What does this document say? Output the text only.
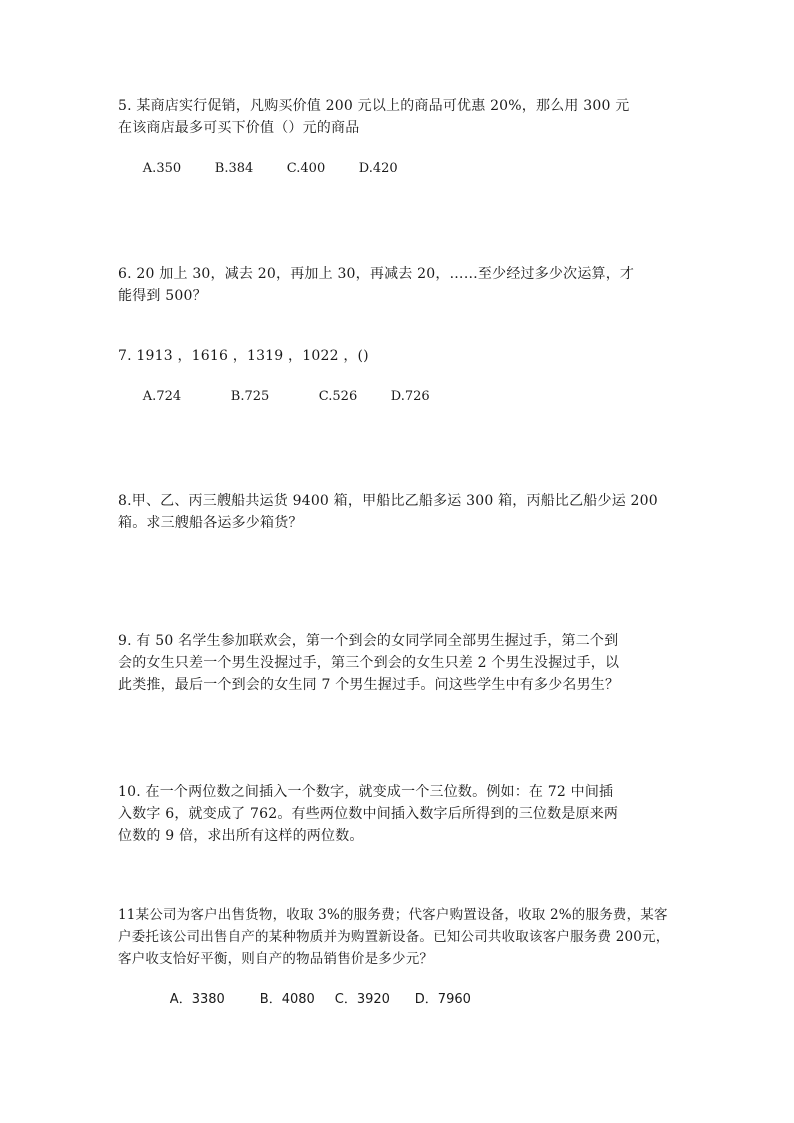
5. 某商店实行促销，凡购买价值 200 元以上的商品可优惠 20%，那么用 300 元
在该商店最多可买下价值（）元的商品

A.350	B.384	C.400	D.420

6. 20 加上 30，减去 20，再加上 30，再减去 20，……至少经过多少次运算，才
能得到 500？
7. 1913 ，1616 ，1319 ，1022 ，()

A.724	B.725	C.526	D.726

8.甲、乙、丙三艘船共运货 9400 箱，甲船比乙船多运 300 箱，丙船比乙船少运 200
箱。求三艘船各运多少箱货？
9. 有 50 名学生参加联欢会，第一个到会的女同学同全部男生握过手，第二个到
会的女生只差一个男生没握过手，第三个到会的女生只差 2 个男生没握过手，以
此类推，最后一个到会的女生同 7 个男生握过手。问这些学生中有多少名男生？
10. 在一个两位数之间插入一个数字，就变成一个三位数。例如：在 72 中间插
入数字 6，就变成了 762。有些两位数中间插入数字后所得到的三位数是原来两
位数的 9 倍，求出所有这样的两位数。
11某公司为客户出售货物，收取 3%的服务费；代客户购置设备，收取 2%的服务费，某客
户委托该公司出售自产的某种物质并为购置新设备。已知公司共收取该客户服务费 200元，
客户收支恰好平衡，则自产的物品销售价是多少元？

A．3380	B．4080 C．3920 D．7960
